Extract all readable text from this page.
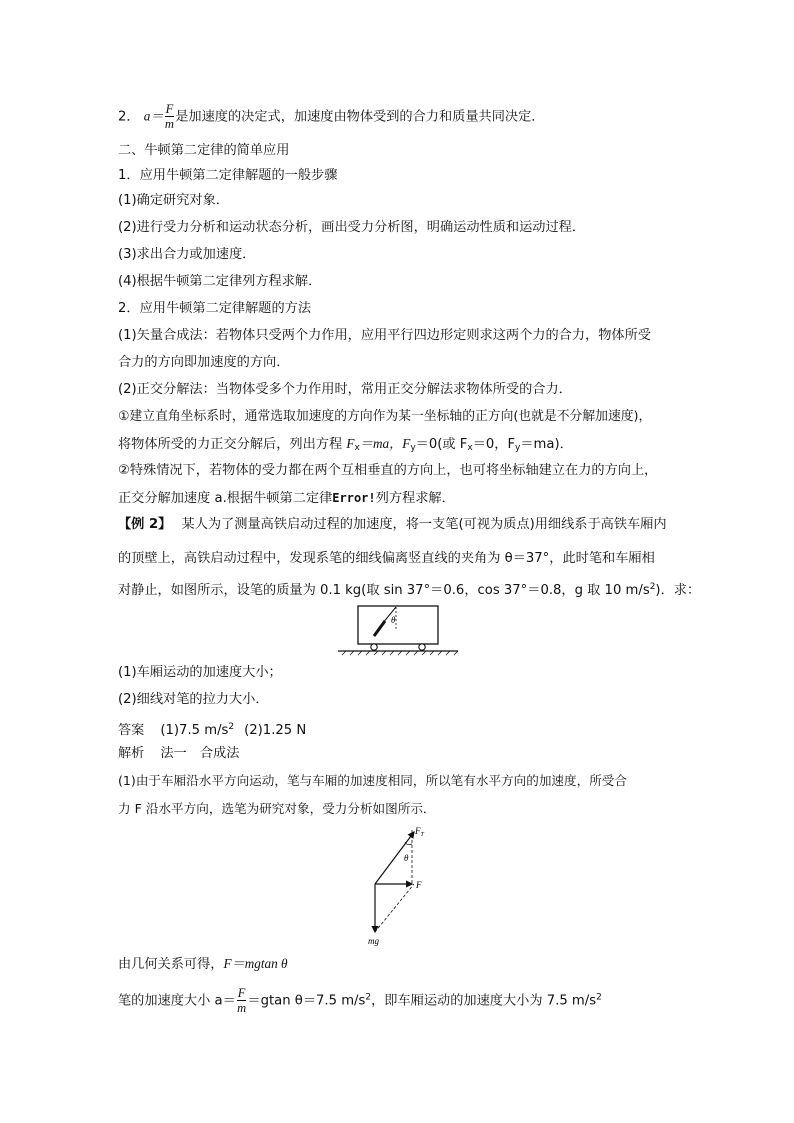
2． $a= \frac{F}{m}$ 是加速度的决定式，加速度由物体受到的合力和质量共同决定．
二、牛顿第二定律的简单应用
1．应用牛顿第二定律解题的一般步骤
(1)确定研究对象．
(2)进行受力分析和运动状态分析，画出受力分析图，明确运动性质和运动过程．
(3)求出合力或加速度．
(4)根据牛顿第二定律列方程求解．
2．应用牛顿第二定律解题的方法
(1)矢量合成法：若物体只受两个力作用，应用平行四边形定则求这两个力的合力，物体所受
合力的方向即加速度的方向．
(2)正交分解法：当物体受多个力作用时，常用正交分解法求物体所受的合力．
①建立直角坐标系时，通常选取加速度的方向作为某一坐标轴的正方向(也就是不分解加速度)，
将物体所受的力正交分解后，列出方程 $F_x=ma$，$F_y=0$(或 $F_x=0$，$F_y=ma$)．
②特殊情况下，若物体的受力都在两个互相垂直的方向上，也可将坐标轴建立在力的方向上，
正交分解加速度 a.根据牛顿第二定律Error!列方程求解．
【例 2】 某人为了测量高铁启动过程的加速度，将一支笔(可视为质点)用细线系于高铁车厢内
的顶壁上，高铁启动过程中，发现系笔的细线偏离竖直线的夹角为 θ＝37°，此时笔和车厢相
对静止，如图所示，设笔的质量为 0.1 kg(取 sin 37°＝0.6，cos 37°＝0.8，g 取 10 $m/s^2$)．求：
θ
(1)车厢运动的加速度大小；
(2)细线对笔的拉力大小．
答案 (1)7.5 $m/s^2$ (2)1.25 N
解析 法一　合成法
(1)由于车厢沿水平方向运动，笔与车厢的加速度相同，所以笔有水平方向的加速度，所受合
力 F 沿水平方向，选笔为研究对象，受力分析如图所示．
$F_T$
θ
F
mg
由几何关系可得，F＝mgtan θ
笔的加速度大小 $a= \frac{F}{m} =gtan$ θ＝7.5 $m/s^2$，即车厢运动的加速度大小为 7.5 $m/s^2$
